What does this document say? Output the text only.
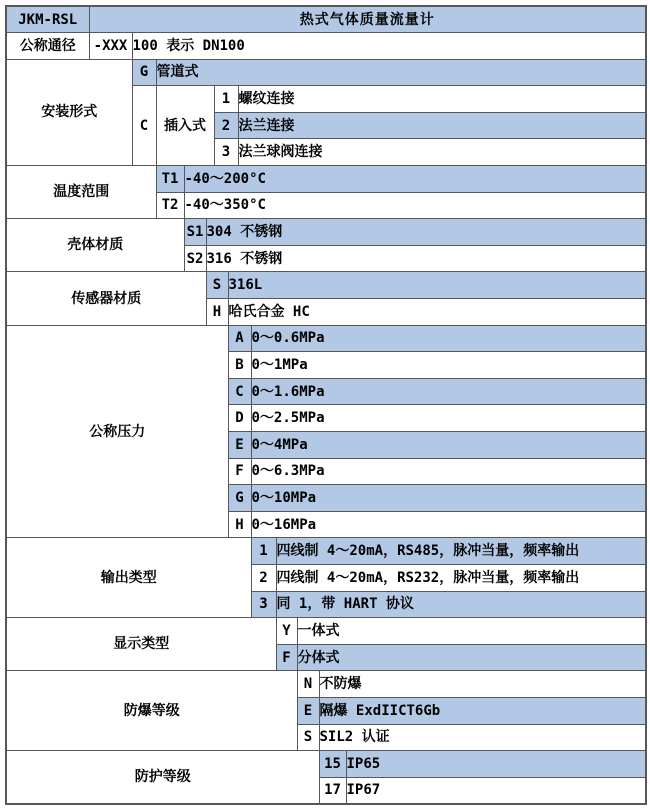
JKM-RSL	热式气体质量流量计												
公称通径	-XXX	100 表示 DN100											
安装形式		G	管道式										
		C	插入式			1		螺纹连接					
						2		法兰连接					
						3		法兰球阀连接					
温度范围			T1	-40～200°C									
			T2	-40～350°C									
壳体材质				S1	304 不锈钢								
				S2	316 不锈钢								
传感器材质					S		316L						
					H		哈氏合金 HC						
公称压力							A		0～0.6MPa				
							B		0～1MPa				
							C		0～1.6MPa				
							D		0～2.5MPa				
							E		0～4MPa				
							F		0～6.3MPa				
							G		0～10MPa				
							H		0～16MPa				
输出类型									1	四线制 4～20mA，RS485，脉冲当量，频率输出			
									2	四线制 4～20mA，RS232，脉冲当量，频率输出			
									3	同 1，带 HART 协议			
显示类型										Y	一体式		
										F	分体式		
防爆等级											N	不防爆	
											E	隔爆 ExdIICT6Gb	
											S	SIL2 认证	
防护等级												15	IP65
												17	IP67
